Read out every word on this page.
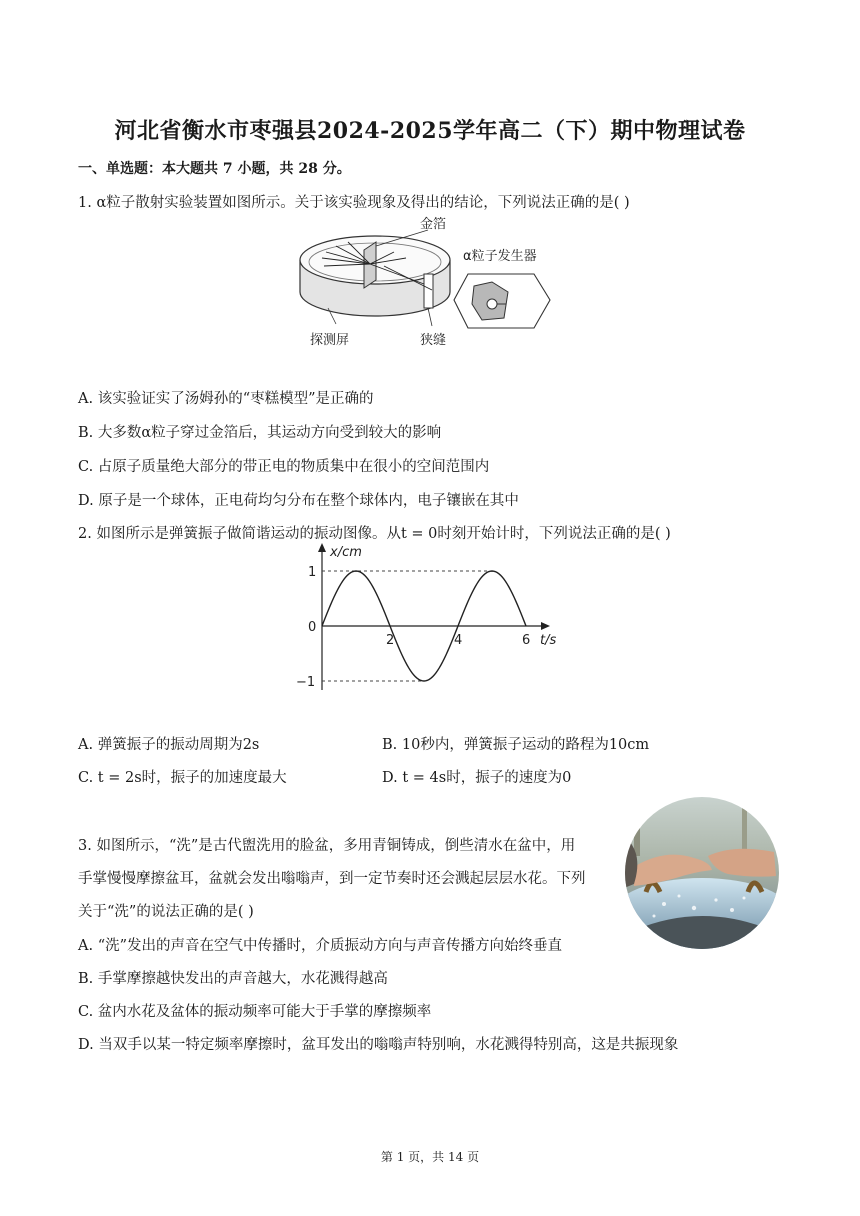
河北省衡水市枣强县2024-2025学年高二（下）期中物理试卷
一、单选题：本大题共 7 小题，共 28 分。
1. α粒子散射实验装置如图所示。关于该实验现象及得出的结论，下列说法正确的是( )
金箔
α粒子发生器
探测屏	狭缝
A. 该实验证实了汤姆孙的“枣糕模型”是正确的
B. 大多数α粒子穿过金箔后，其运动方向受到较大的影响
C. 占原子质量绝大部分的带正电的物质集中在很小的空间范围内
D. 原子是一个球体，正电荷均匀分布在整个球体内，电子镶嵌在其中
2. 如图所示是弹簧振子做简谐运动的振动图像。从t = 0时刻开始计时，下列说法正确的是( )
2	4	6
1
0
−1
t/s
x/cm
A. 弹簧振子的振动周期为2s	B. 10秒内，弹簧振子运动的路程为10cm
C. t = 2s时，振子的加速度最大	D. t = 4s时，振子的速度为0
3. 如图所示，“洗”是古代盥洗用的脸盆，多用青铜铸成，倒些清水在盆中，用
手掌慢慢摩擦盆耳，盆就会发出嗡嗡声，到一定节奏时还会溅起层层水花。下列
关于“洗”的说法正确的是( )
A. “洗”发出的声音在空气中传播时，介质振动方向与声音传播方向始终垂直
B. 手掌摩擦越快发出的声音越大，水花溅得越高
C. 盆内水花及盆体的振动频率可能大于手掌的摩擦频率
D. 当双手以某一特定频率摩擦时，盆耳发出的嗡嗡声特别响，水花溅得特别高，这是共振现象
第 1 页，共 14 页
